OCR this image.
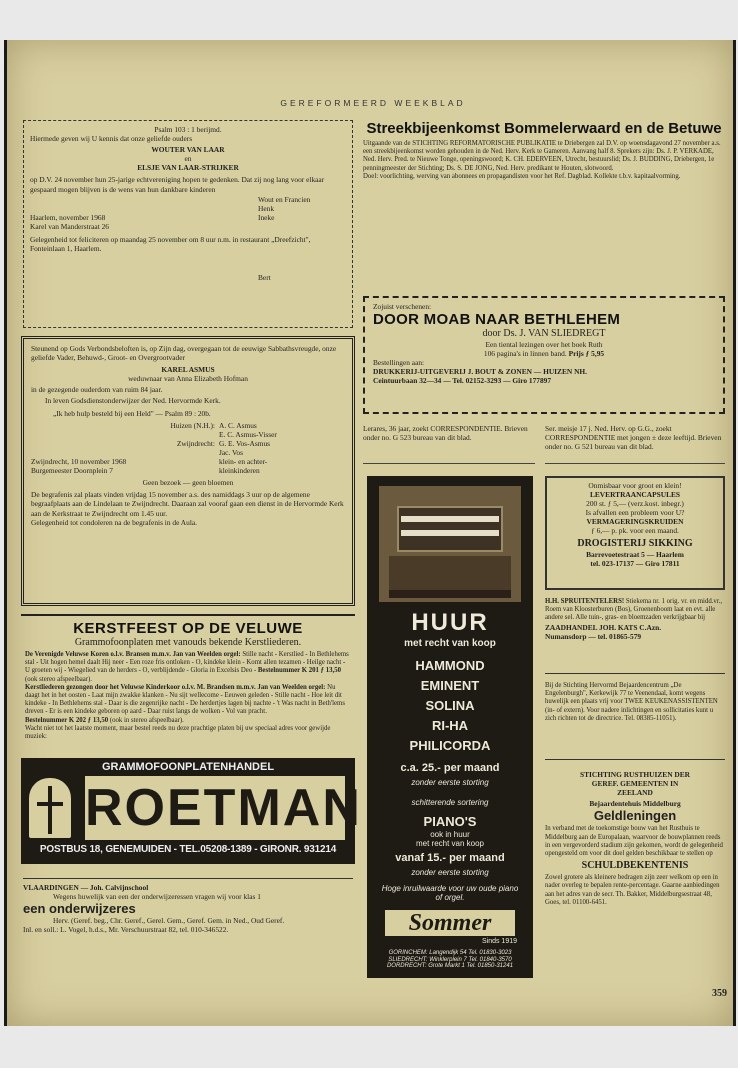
GEREFORMEERD WEEKBLAD
Psalm 103 : 1 berijmd.
Hiermede geven wij U kennis dat onze geliefde ouders
WOUTER VAN LAAR
en
ELSJE VAN LAAR-STRIJKER
op D.V. 24 november hun 25-jarige echtvereniging hopen te gedenken. Dat zij nog lang voor elkaar gespaard mogen blijven is de wens van hun dankbare kinderen
Wout en Francien
Henk
Ineke
Bert
Haarlem, november 1968
Karel van Manderstraat 26
Gelegenheid tot feliciteren op maandag 25 november om 8 uur n.m. in restaurant „Dreefzicht", Fonteinlaan 1, Haarlem.
Steunend op Gods Verbondsbeloften is, op Zijn dag, overgegaan tot de eeuwige Sabbathsvreugde, onze geliefde Vader, Behuwd-, Groot- en Overgrootvader
KAREL ASMUS
weduwnaar van Anna Elizabeth Hofman
in de gezegende ouderdom van ruim 84 jaar.
In leven Godsdienstonderwijzer der Ned. Hervormde Kerk.
„Ik heb hulp besteld bij een Held" — Psalm 89 : 20b.
Huizen (N.H.): A. C. Asmus
E. C. Asmus-Visser
Zwijndrecht: G. E. Vos-Asmus
Jac. Vos
Zwijndrecht, 10 november 1968	klein- en achter-
Burgemeester Doornplein 7	kleinkinderen
Geen bezoek — geen bloemen
De begrafenis zal plaats vinden vrijdag 15 november a.s. des namiddags 3 uur op de algemene begraafplaats aan de Lindelaan te Zwijndrecht. Daaraan zal vooraf gaan een dienst in de Hervormde Kerk aan de Kerkstraat te Zwijndrecht om 1.45 uur.
Gelegenheid tot condoleren na de begrafenis in de Aula.
KERSTFEEST OP DE VELUWE
Grammofoonplaten met vanouds bekende Kerstliederen.
De Verenigde Veluwse Koren o.l.v. Bransen m.m.v. Jan van Weelden orgel: Stille nacht - Kerstlied - In Bethlehems stal - Uit hogen hemel daalt Hij neer - Een roze fris ontloken - O, kindeke klein - Komt allen tezamen - Heilge nacht - U groeten wij - Wiegelied van de herders - O, verblijdende - Gloria in Excelsis Deo - Bestelnummer K 201 ƒ 13,50 (ook stereo afspeelbaar).
Kerstliederen gezongen door het Veluwse Kinderkoor o.l.v. M. Brandsen m.m.v. Jan van Weelden orgel: Nu daagt het in het oosten - Laat mijn zwakke klanken - Nu sijt wellecome - Eeuwen geleden - Stille nacht - Hoe leit dit kindeke - In Bethlehems stal - Daar is die zegenrijke nacht - De herdertjes lagen bij nachte - 't Was nacht in Beth'lems dreven - Er is een kindeke geboren op aard - Daar ruist langs de wolken - Vol van pracht.
Bestelnummer K 202 ƒ 13,50 (ook in stereo afspeelbaar).
Wacht niet tot het laatste moment, maar bestel reeds nu deze prachtige platen bij uw speciaal adres voor gewijde muziek:
GRAMMOFOONPLATENHANDEL
ROETMAN
POSTBUS 18, GENEMUIDEN - TEL.05208-1389 - GIRONR. 931214
VLAARDINGEN — Joh. Calvijnschool
Wegens huwelijk van een der onderwijzeressen vragen wij voor klas 1
een onderwijzeres
Herv. (Geref. beg., Chr. Geref., Gerel. Gem., Geref. Gem. in Ned., Oud Geref.
Inl. en soll.: L. Vogel, h.d.s., Mr. Verschuurstraat 82, tel. 010-346522.
Streekbijeenkomst Bommelerwaard en de Betuwe
Uitgaande van de STICHTING REFORMATORISCHE PUBLIKATIE te Driebergen zal D.V. op woensdagavond 27 november a.s. een streekbijeenkomst worden gehouden in de Ned. Herv. Kerk te Gameren. Aanvang half 8. Sprekers zijn: Ds. J. P. VERKADE, Ned. Herv. Pred. te Nieuwe Tonge, openingswoord; K. CH. EDERVEEN, Utrecht, bestuurslid; Ds. J. BUDDING, Driebergen, 1e penningmeester der Stichting; Ds. S. DE JONG, Ned. Herv. predikant te Houten, slotwoord.
Doel: voorlichting, werving van abonnees en propagandisten voor het Ref. Dagblad. Kollekte t.b.v. kapitaalvorming.
Zojuist verschenen:
DOOR MOAB NAAR BETHLEHEM
door Ds. J. VAN SLIEDREGT
Een tiental lezingen over het boek Ruth
106 pagina's in linnen band. Prijs ƒ 5,95
Bestellingen aan:
DRUKKERIJ-UITGEVERIJ J. BOUT & ZONEN — HUIZEN NH.
Ceintuurbaan 32—34 — Tel. 02152-3293 — Giro 177897
Lerares, 36 jaar, zoekt CORRESPONDENTIE. Brieven onder no. G 523 bureau van dit blad.
Ser. meisje 17 j. Ned. Herv. op G.G., zoekt CORRESPONDENTIE met jongen ± deze leeftijd. Brieven onder no. G 521 bureau van dit blad.
HUUR
met recht van koop
HAMMOND
EMINENT
SOLINA
RI-HA
PHILICORDA
c.a. 25.- per maand
zonder eerste storting
schitterende sortering
PIANO'S
ook in huur
met recht van koop
vanaf 15.- per maand
zonder eerste storting
Hoge inruilwaarde voor uw oude piano of orgel.
Sommer
Sinds 1919
GORINCHEM: Langendijk 54 Tel. 01830-3023
SLIEDRECHT: Winklerplein 7 Tel. 01840-3570
DORDRECHT: Grote Markt 1 Tel. 01850-31241
Onmisbaar voor groot en klein!
LEVERTRAANCAPSULES
200 st. ƒ 5,— (verz.kost. inbegr.)
Is afvallen een probleem voor U?
VERMAGERINGSKRUIDEN
ƒ 6,— p. pk. voor een maand.
DROGISTERIJ SIKKING
Barrevoetestraat 5 — Haarlem
tel. 023-17137 — Giro 17811
H.H. SPRUITENTELERS! Stiekema nr. 1 orig. vr. en midd.vr., Roem van Kloosterburen (Bos), Groenenboom laat en evt. alle andere sel. Alle tuin-, gras- en bloemzaden verkrijgbaar bij
ZAADHANDEL JOH. KATS C.Azn.
Numansdorp — tel. 01865-579
Bij de Stichting Hervormd Bejaardencentrum „De Engelenburgh", Kerkewijk 77 te Veenendaal, komt wegens huwelijk een plaats vrij voor TWEE KEUKENASSISTENTEN (in- of extern). Voor nadere inlichtingen en sollicitaties kunt u zich richten tot de directrice. Tel. 08385-11051).
STICHTING RUSTHUIZEN DER
GEREF. GEMEENTEN IN
ZEELAND
Bejaardentehuis Middelburg
Geldleningen
In verband met de toekomstige bouw van het Rusthuis te Middelburg aan de Europalaan, waarvoor de bouwplannen reeds in een vergevorderd stadium zijn gekomen, wordt de gelegenheid opengesteld om voor dit doel gelden beschikbaar te stellen op
SCHULDBEKENTENIS
Zowel grotere als kleinere bedragen zijn zeer welkom op een in nader overleg te bepalen rente-percentage. Gaarne aanbiedingen aan het adres van de secr. Th. Bakker, Middelburgsestraat 48, Goes, tel. 01100-6451.
359
